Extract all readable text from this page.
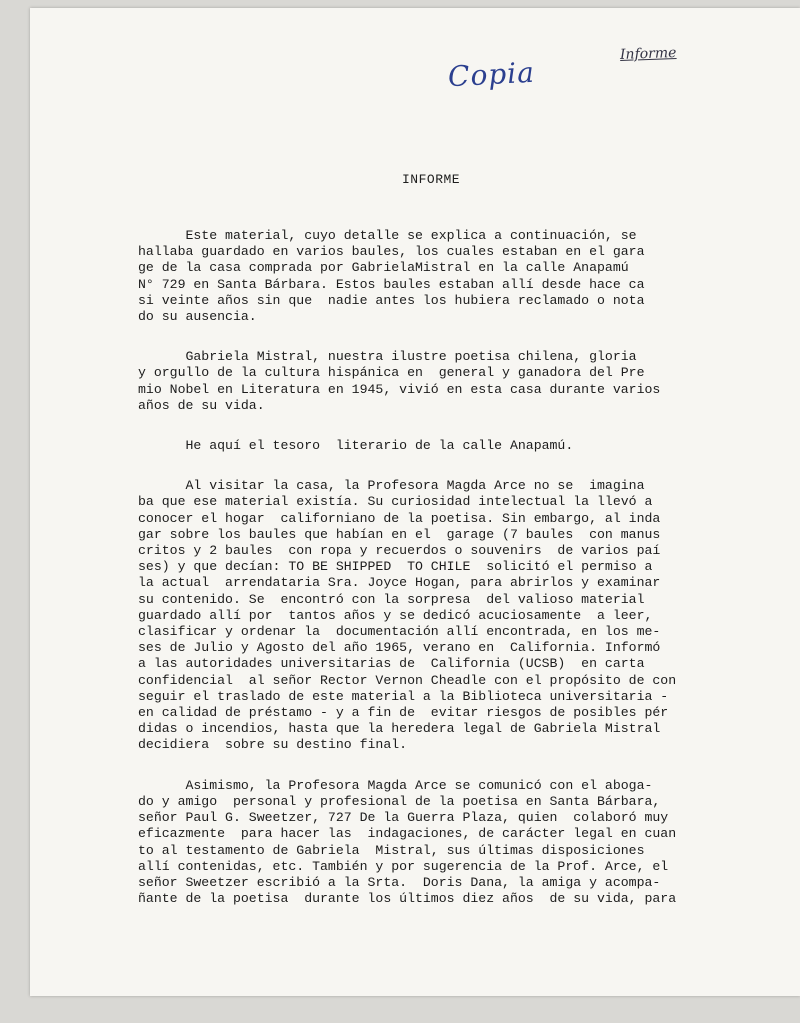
Copia
Informe
INFORME
Este material, cuyo detalle se explica a continuación, se
hallaba guardado en varios baules, los cuales estaban en el gara
ge de la casa comprada por GabrielaMistral en la calle Anapamú
N° 729 en Santa Bárbara. Estos baules estaban allí desde hace ca
si veinte años sin que  nadie antes los hubiera reclamado o nota
do su ausencia.
Gabriela Mistral, nuestra ilustre poetisa chilena, gloria
y orgullo de la cultura hispánica en  general y ganadora del Pre
mio Nobel en Literatura en 1945, vivió en esta casa durante varios
años de su vida.
He aquí el tesoro  literario de la calle Anapamú.
Al visitar la casa, la Profesora Magda Arce no se  imagina
ba que ese material existía. Su curiosidad intelectual la llevó a
conocer el hogar  californiano de la poetisa. Sin embargo, al inda
gar sobre los baules que habían en el  garage (7 baules  con manus
critos y 2 baules  con ropa y recuerdos o souvenirs  de varios paí
ses) y que decían: TO BE SHIPPED  TO CHILE  solicitó el permiso a
la actual  arrendataria Sra. Joyce Hogan, para abrirlos y examinar
su contenido. Se  encontró con la sorpresa  del valioso material
guardado allí por  tantos años y se dedicó acuciosamente  a leer,
clasificar y ordenar la  documentación allí encontrada, en los me-
ses de Julio y Agosto del año 1965, verano en  California. Informó
a las autoridades universitarias de  California (UCSB)  en carta
confidencial  al señor Rector Vernon Cheadle con el propósito de con
seguir el traslado de este material a la Biblioteca universitaria -
en calidad de préstamo - y a fin de  evitar riesgos de posibles pér
didas o incendios, hasta que la heredera legal de Gabriela Mistral
decidiera  sobre su destino final.
Asimismo, la Profesora Magda Arce se comunicó con el aboga-
do y amigo  personal y profesional de la poetisa en Santa Bárbara,
señor Paul G. Sweetzer, 727 De la Guerra Plaza, quien  colaboró muy
eficazmente  para hacer las  indagaciones, de carácter legal en cuan
to al testamento de Gabriela  Mistral, sus últimas disposiciones
allí contenidas, etc. También y por sugerencia de la Prof. Arce, el
señor Sweetzer escribió a la Srta.  Doris Dana, la amiga y acompa-
ñante de la poetisa  durante los últimos diez años  de su vida, para
